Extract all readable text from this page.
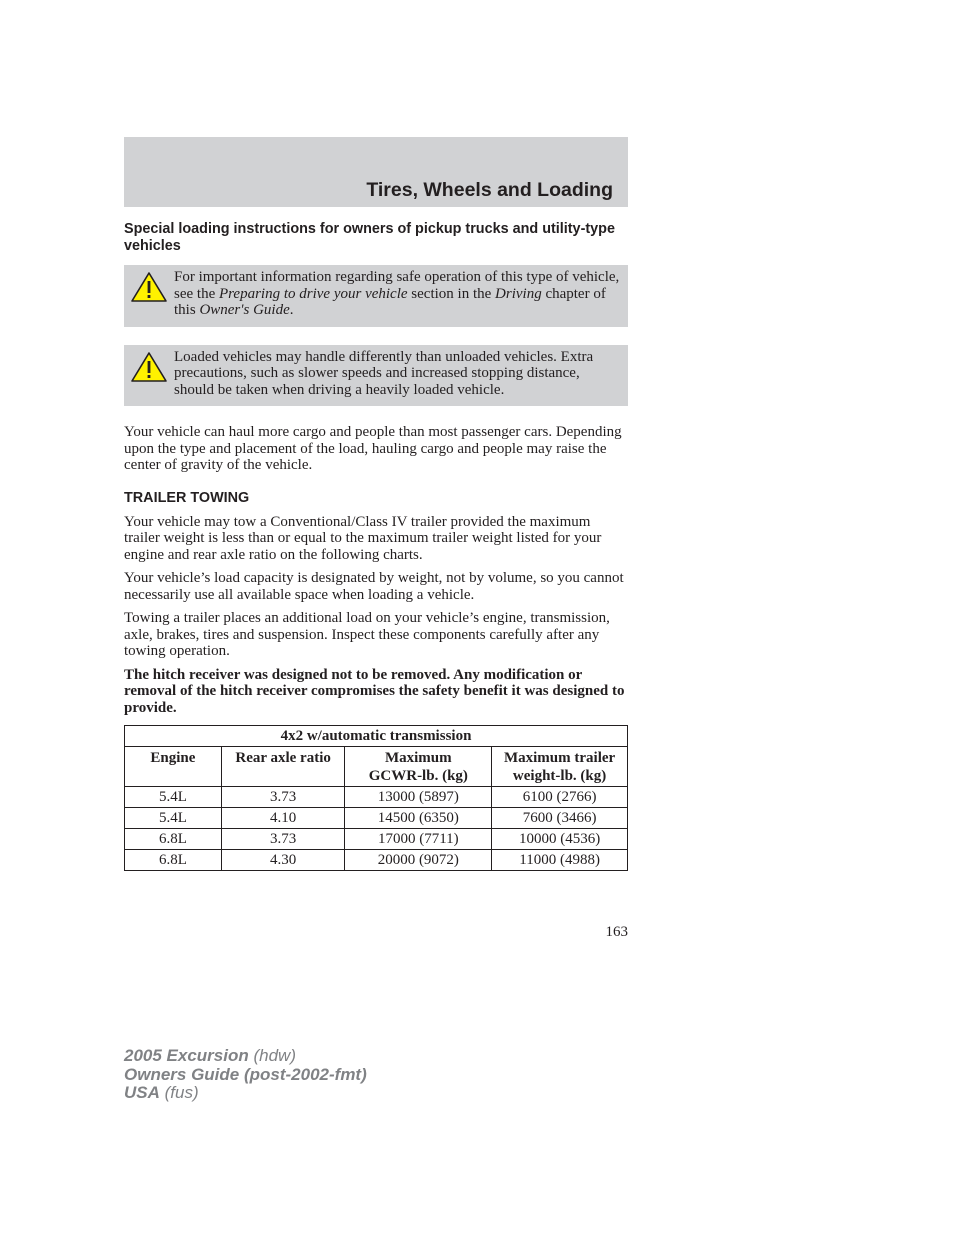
Tires, Wheels and Loading
Special loading instructions for owners of pickup trucks and utility-type vehicles
For important information regarding safe operation of this type of vehicle, see the Preparing to drive your vehicle section in the Driving chapter of this Owner's Guide.
Loaded vehicles may handle differently than unloaded vehicles. Extra precautions, such as slower speeds and increased stopping distance, should be taken when driving a heavily loaded vehicle.

Your vehicle can haul more cargo and people than most passenger cars. Depending upon the type and placement of the load, hauling cargo and people may raise the center of gravity of the vehicle.

TRAILER TOWING

Your vehicle may tow a Conventional/Class IV trailer provided the maximum trailer weight is less than or equal to the maximum trailer weight listed for your engine and rear axle ratio on the following charts.

Your vehicle’s load capacity is designated by weight, not by volume, so you cannot necessarily use all available space when loading a vehicle.

Towing a trailer places an additional load on your vehicle’s engine, transmission, axle, brakes, tires and suspension. Inspect these components carefully after any towing operation.

The hitch receiver was designed not to be removed. Any modification or removal of the hitch receiver compromises the safety benefit it was designed to provide.

4x2 w/automatic transmission			
Engine	Rear axle ratio	Maximum GCWR-lb. (kg)	Maximum trailer weight-lb. (kg)
5.4L	3.73	13000 (5897)	6100 (2766)
5.4L	4.10	14500 (6350)	7600 (3466)
6.8L	3.73	17000 (7711)	10000 (4536)
6.8L	4.30	20000 (9072)	11000 (4988)
163
2005 Excursion (hdw)
Owners Guide (post-2002-fmt)
USA (fus)
